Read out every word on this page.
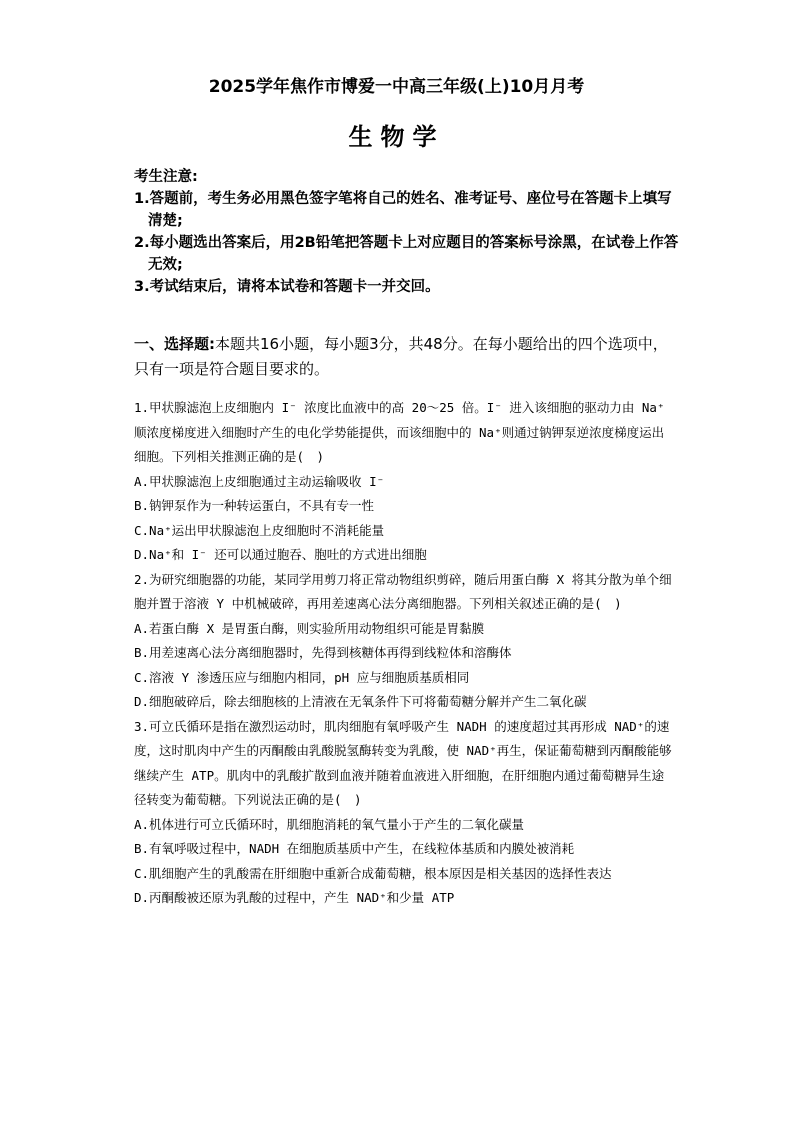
2025学年焦作市博爱一中高三年级(上)10月月考
生物学
考生注意:
1.答题前，考生务必用黑色签字笔将自己的姓名、准考证号、座位号在答题卡上填写清楚;
2.每小题选出答案后，用2B铅笔把答题卡上对应题目的答案标号涂黑，在试卷上作答无效;
3.考试结束后，请将本试卷和答题卡一并交回。
一、选择题:本题共16小题，每小题3分，共48分。在每小题给出的四个选项中，只有一项是符合题目要求的。
1.甲状腺滤泡上皮细胞内 I⁻ 浓度比血液中的高 20～25 倍。I⁻ 进入该细胞的驱动力由 Na⁺顺浓度梯度进入细胞时产生的电化学势能提供，而该细胞中的 Na⁺则通过钠钾泵逆浓度梯度运出细胞。下列相关推测正确的是(　)
A.甲状腺滤泡上皮细胞通过主动运输吸收 I⁻
B.钠钾泵作为一种转运蛋白，不具有专一性
C.Na⁺运出甲状腺滤泡上皮细胞时不消耗能量
D.Na⁺和 I⁻ 还可以通过胞吞、胞吐的方式进出细胞
2.为研究细胞器的功能，某同学用剪刀将正常动物组织剪碎，随后用蛋白酶 X 将其分散为单个细胞并置于溶液 Y 中机械破碎，再用差速离心法分离细胞器。下列相关叙述正确的是(　)
A.若蛋白酶 X 是胃蛋白酶，则实验所用动物组织可能是胃黏膜
B.用差速离心法分离细胞器时，先得到核糖体再得到线粒体和溶酶体
C.溶液 Y 渗透压应与细胞内相同，pH 应与细胞质基质相同
D.细胞破碎后，除去细胞核的上清液在无氧条件下可将葡萄糖分解并产生二氧化碳
3.可立氏循环是指在激烈运动时，肌肉细胞有氧呼吸产生 NADH 的速度超过其再形成 NAD⁺的速度，这时肌肉中产生的丙酮酸由乳酸脱氢酶转变为乳酸，使 NAD⁺再生，保证葡萄糖到丙酮酸能够继续产生 ATP。肌肉中的乳酸扩散到血液并随着血液进入肝细胞，在肝细胞内通过葡萄糖异生途径转变为葡萄糖。下列说法正确的是(　)
A.机体进行可立氏循环时，肌细胞消耗的氧气量小于产生的二氧化碳量
B.有氧呼吸过程中，NADH 在细胞质基质中产生，在线粒体基质和内膜处被消耗
C.肌细胞产生的乳酸需在肝细胞中重新合成葡萄糖，根本原因是相关基因的选择性表达
D.丙酮酸被还原为乳酸的过程中，产生 NAD⁺和少量 ATP
